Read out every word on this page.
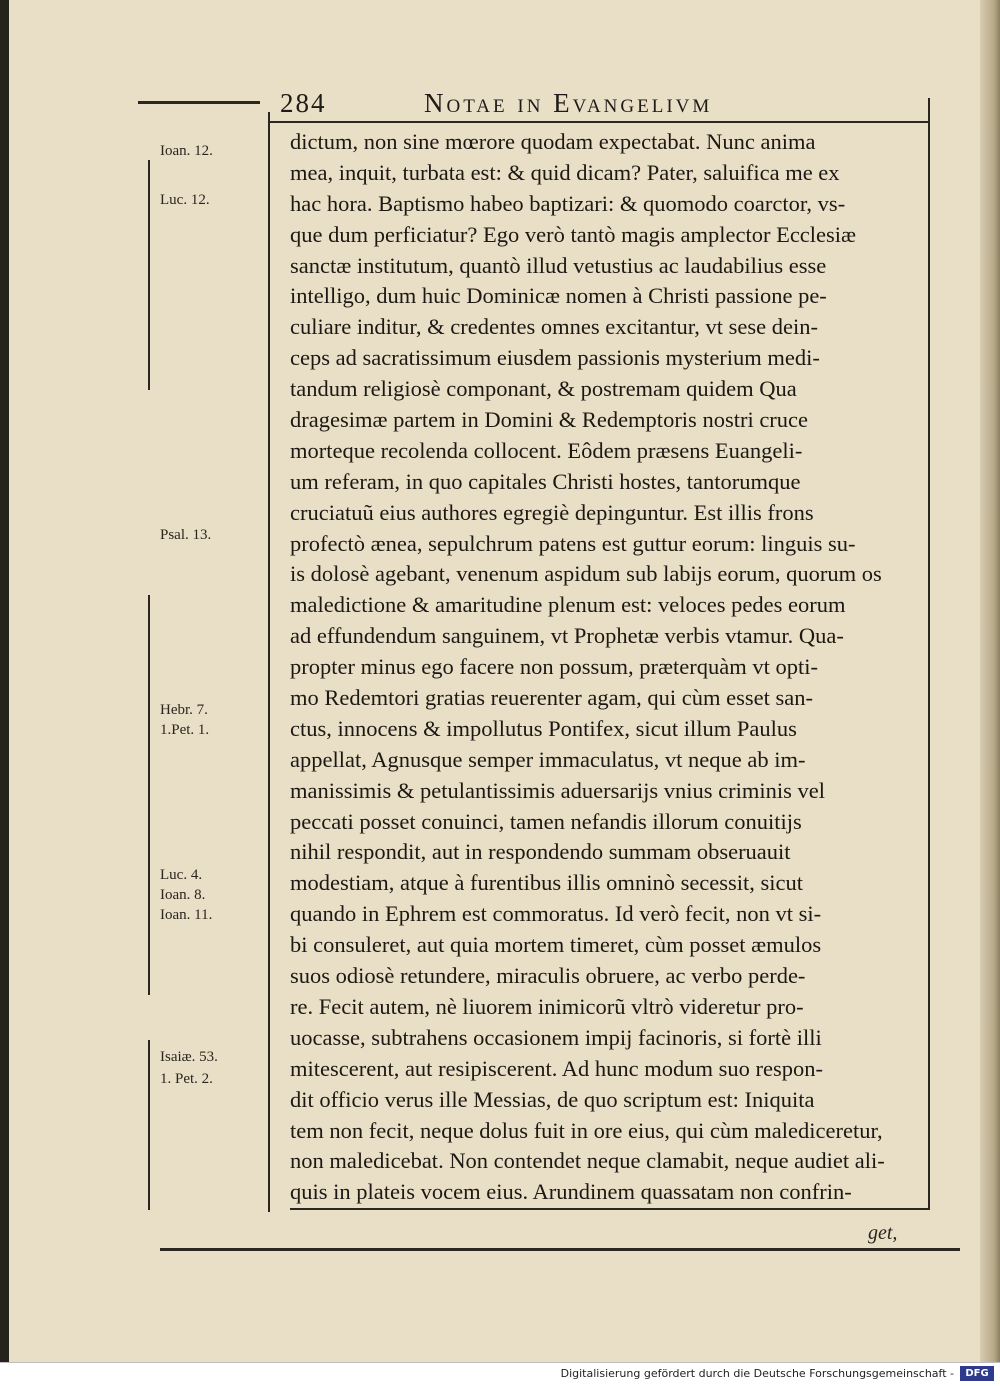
284	Notae in Evangelivm
Ioan. 12.
Luc. 12.
Psal. 13.
Hebr. 7.
1.Pet. 1.
Luc. 4.
Ioan. 8.
Ioan. 11.
Isaiæ. 53.
1. Pet. 2.
dictum, non sine mœrore quodam expectabat. Nunc anima
mea, inquit, turbata est: & quid dicam? Pater, saluifica me ex
hac hora. Baptismo habeo baptizari: & quomodo coarctor, vs-
que dum perficiatur? Ego verò tantò magis amplector Ecclesiæ
sanctæ institutum, quantò illud vetustius ac laudabilius esse
intelligo, dum huic Dominicæ nomen à Christi passione pe-
culiare inditur, & credentes omnes excitantur, vt sese dein-
ceps ad sacratissimum eiusdem passionis mysterium medi-
tandum religiosè componant, & postremam quidem Qua
dragesimæ partem in Domini & Redemptoris nostri cruce
morteque recolenda collocent. Eôdem præsens Euangeli-
um referam, in quo capitales Christi hostes, tantorumque
cruciatuũ eius authores egregiè depinguntur. Est illis frons
profectò ænea, sepulchrum patens est guttur eorum: linguis su-
is dolosè agebant, venenum aspidum sub labijs eorum, quorum os
maledictione & amaritudine plenum est: veloces pedes eorum
ad effundendum sanguinem, vt Prophetæ verbis vtamur. Qua-
propter minus ego facere non possum, præterquàm vt opti-
mo Redemtori gratias reuerenter agam, qui cùm esset san-
ctus, innocens & impollutus Pontifex, sicut illum Paulus
appellat, Agnusque semper immaculatus, vt neque ab im-
manissimis & petulantissimis aduersarijs vnius criminis vel
peccati posset conuinci, tamen nefandis illorum conuitijs
nihil respondit, aut in respondendo summam obseruauit
modestiam, atque à furentibus illis omninò secessit, sicut
quando in Ephrem est commoratus. Id verò fecit, non vt si-
bi consuleret, aut quia mortem timeret, cùm posset æmulos
suos odiosè retundere, miraculis obruere, ac verbo perde-
re. Fecit autem, nè liuorem inimicorũ vltrò videretur pro-
uocasse, subtrahens occasionem impij facinoris, si fortè illi
mitescerent, aut resipiscerent. Ad hunc modum suo respon-
dit officio verus ille Messias, de quo scriptum est: Iniquita
tem non fecit, neque dolus fuit in ore eius, qui cùm malediceretur,
non maledicebat. Non contendet neque clamabit, neque audiet ali-
quis in plateis vocem eius. Arundinem quassatam non confrin-
get,
Digitalisierung gefördert durch die Deutsche Forschungsgemeinschaft -	DFG
